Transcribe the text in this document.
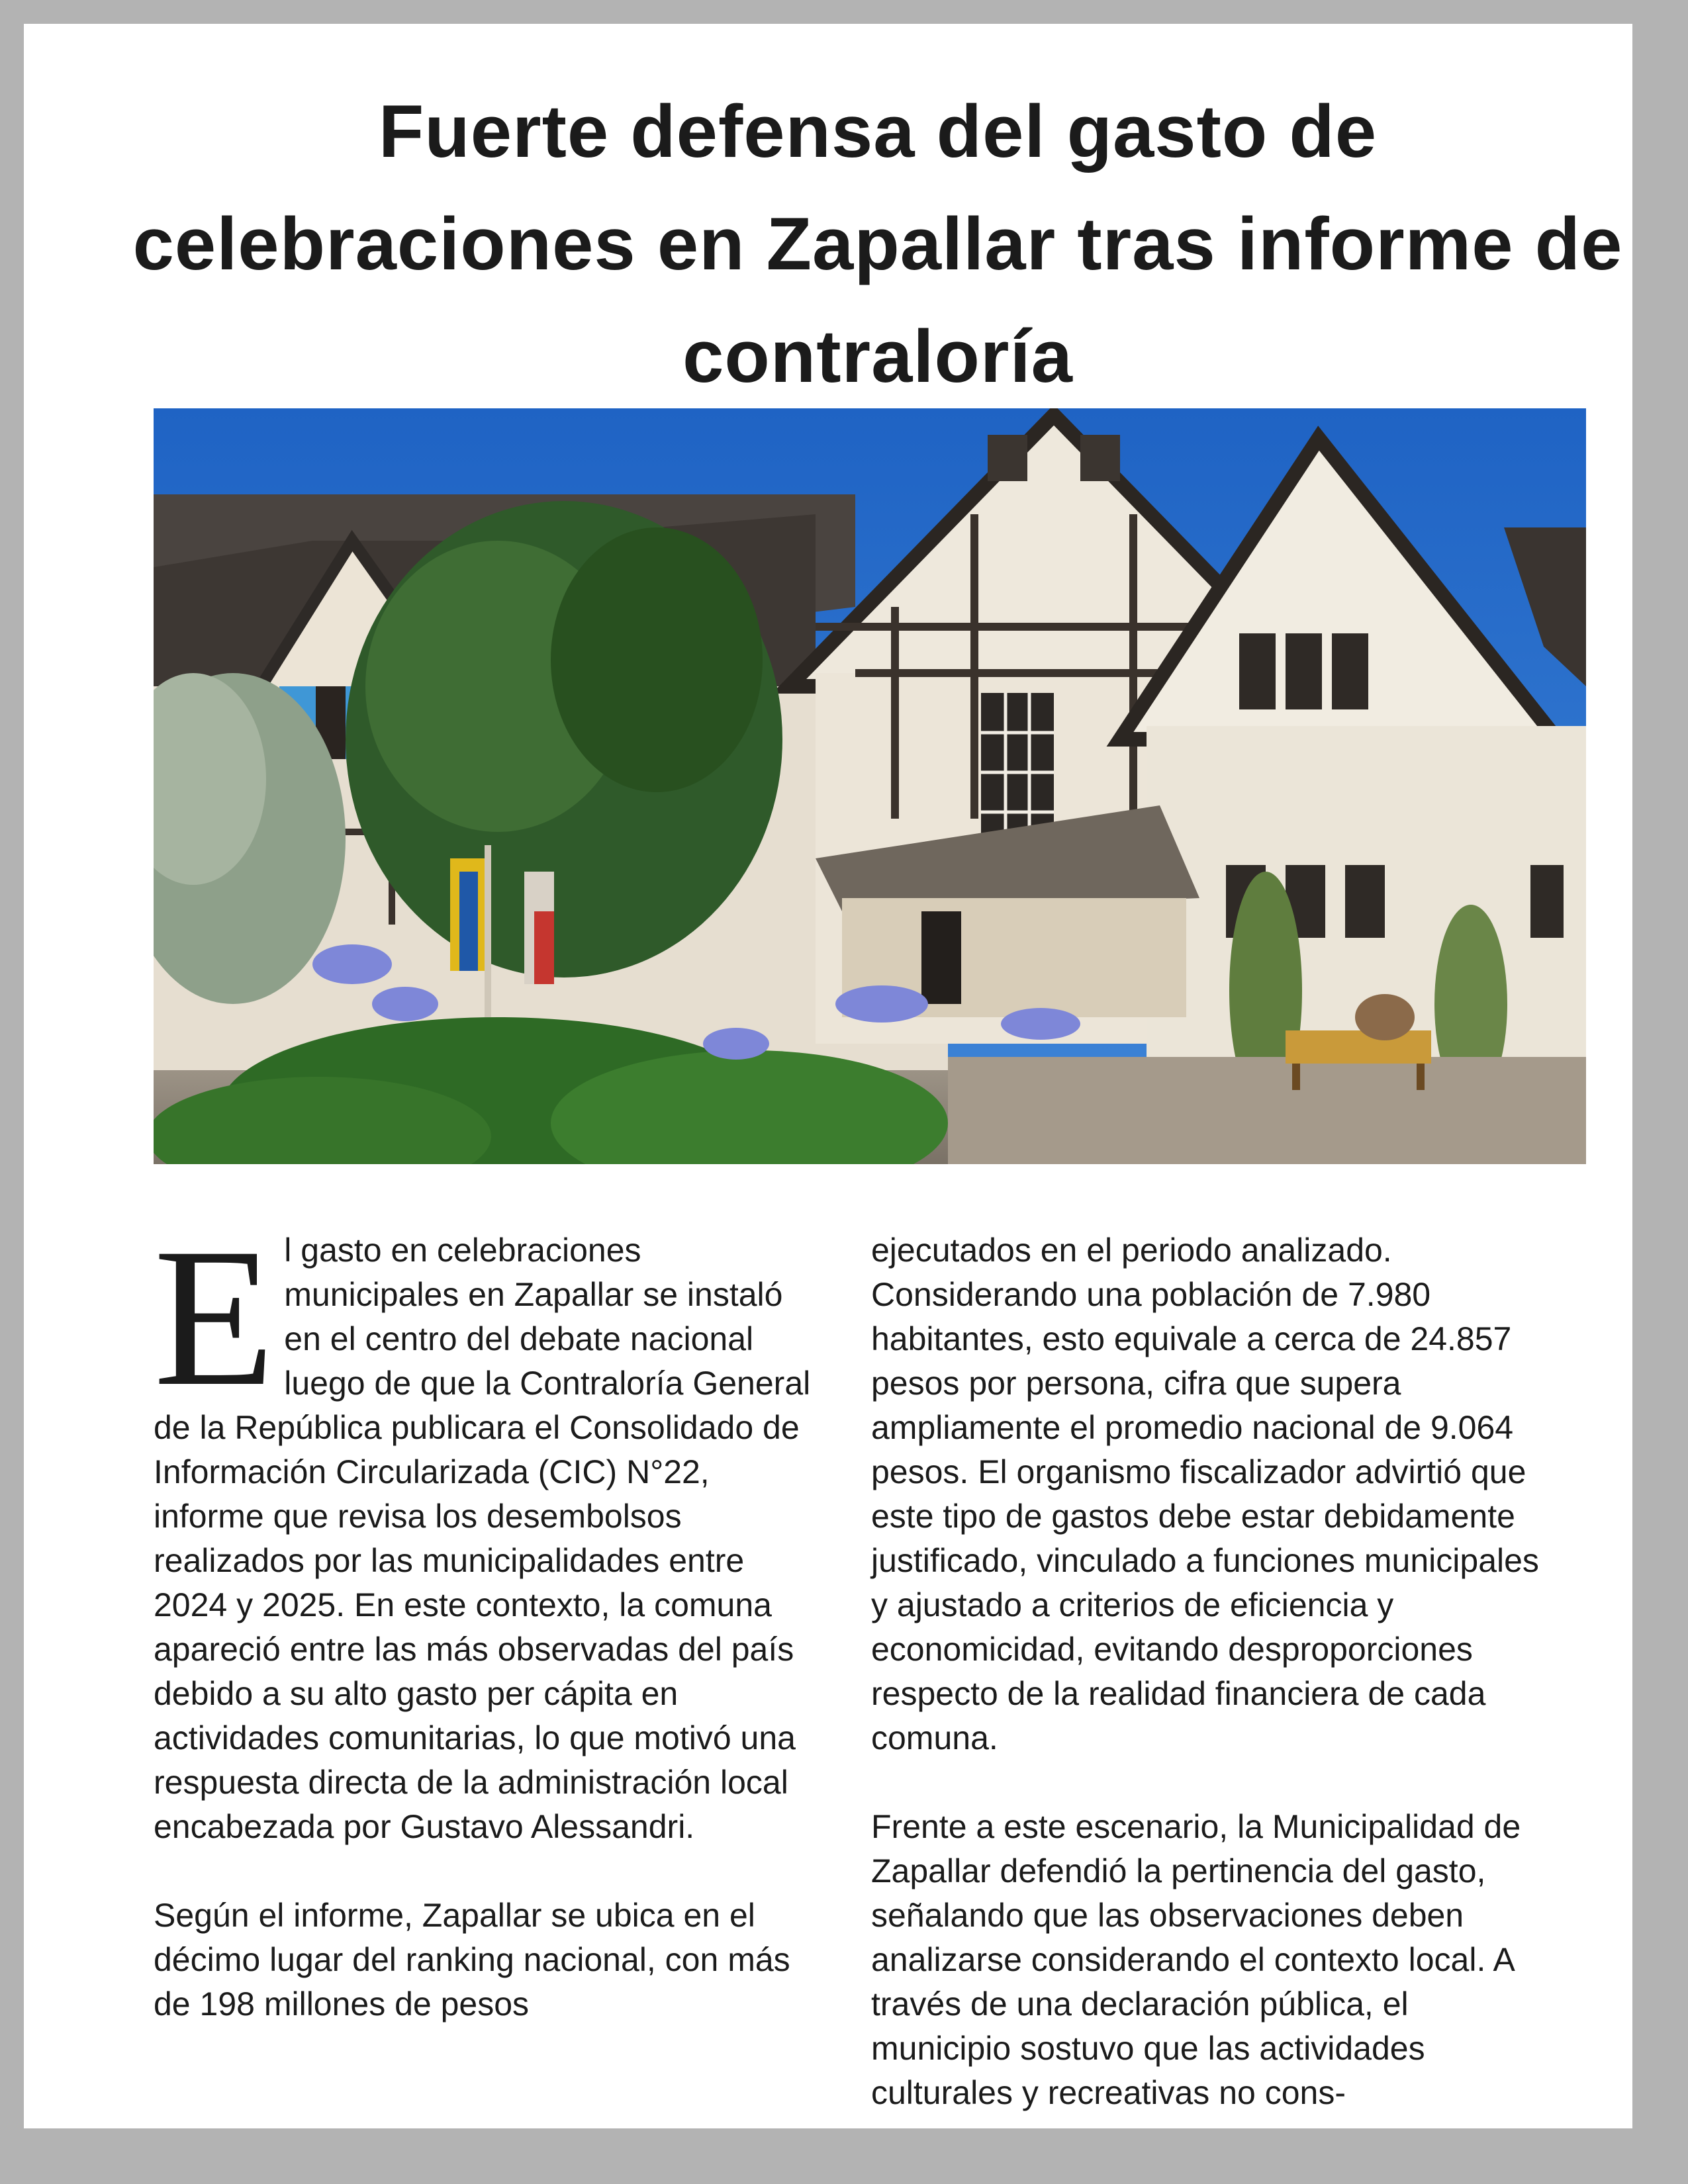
Fuerte defensa del gasto de celebraciones en Zapallar tras informe de contraloría

E l gasto en celebraciones municipales en Zapallar se instaló en el centro del debate nacional luego de que la Contraloría General de la República publicara el Consolidado de Información Circularizada (CIC) N°22, informe que revisa los desembolsos realizados por las municipalidades entre 2024 y 2025. En este contexto, la comuna apareció entre las más observadas del país debido a su alto gasto per cápita en actividades comunitarias, lo que motivó una respuesta directa de la administración local encabezada por Gustavo Alessandri.

Según el informe, Zapallar se ubica en el décimo lugar del ranking nacional, con más de 198 millones de pesos

ejecutados en el periodo analizado. Considerando una población de 7.980 habitantes, esto equivale a cerca de 24.857 pesos por persona, cifra que supera ampliamente el promedio nacional de 9.064 pesos. El organismo fiscalizador advirtió que este tipo de gastos debe estar debidamente justificado, vinculado a funciones municipales y ajustado a criterios de eficiencia y economicidad, evitando desproporciones respecto de la realidad financiera de cada comuna.

Frente a este escenario, la Municipalidad de Zapallar defendió la pertinencia del gasto, señalando que las observaciones deben analizarse considerando el contexto local. A través de una declaración pública, el municipio sostuvo que las actividades culturales y recreativas no cons-
